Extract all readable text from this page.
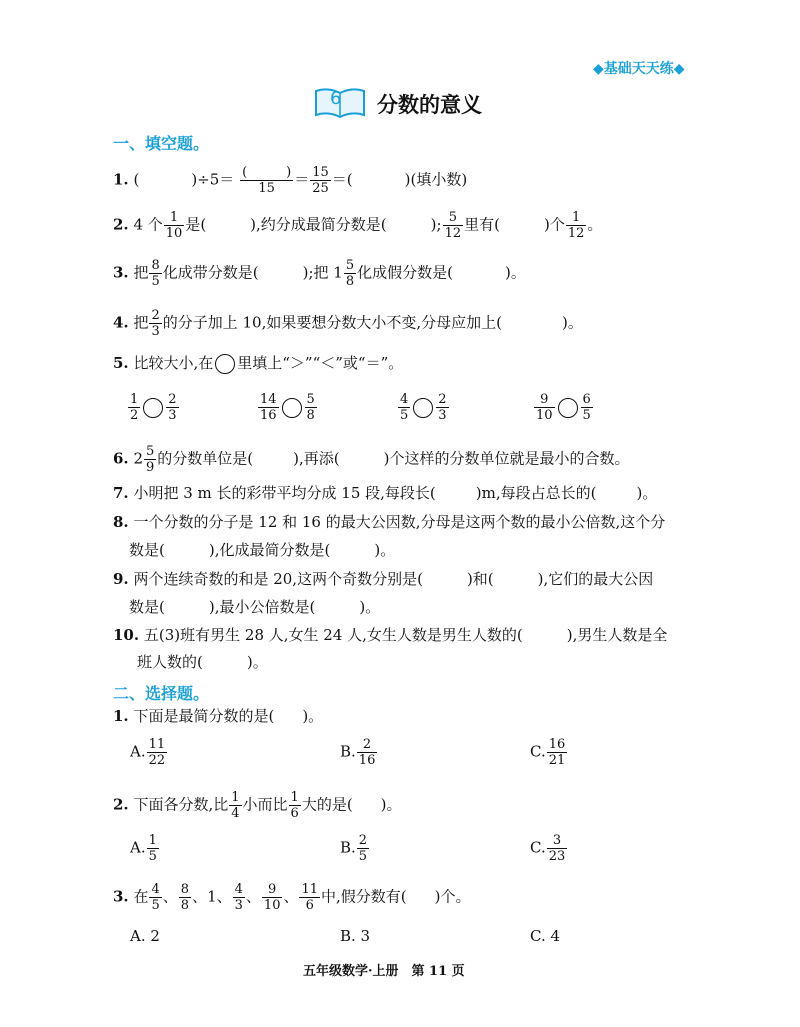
◆基础天天练◆
6 分数的意义
一、填空题。
1. (	)÷5＝ (　　　)
15	＝ $\frac{15}{25}$ ＝(	)(填小数)
2. 4 个 $\frac{1}{10}$ 是(	),约分成最简分数是(	); $\frac{5}{12}$ 里有(	)个 $\frac{1}{12}$ 。
3. 把 $\frac{8}{5}$ 化成带分数是(	);把 $1 \frac{5}{8}$ 化成假分数是(	)。
4. 把 $\frac{2}{3}$ 的分子加上 10,如果要想分数大小不变,分母应加上(	)。
5. 比较大小,在 里填上“＞”“＜”或“＝”。
$\frac{1}{2} \frac{2}{3}$	$\frac{14}{16} \frac{5}{8}$	$\frac{4}{5} \frac{2}{3}$	$\frac{9}{10} \frac{6}{5}$
6. $2 \frac{5}{9}$ 的分数单位是(	),再添(	)个这样的分数单位就是最小的合数。
7. 小明把 3 m 长的彩带平均分成 15 段,每段长(	)m,每段占总长的(	)。
8. 一个分数的分子是 12 和 16 的最大公因数,分母是这两个数的最小公倍数,这个分
数是(	),化成最简分数是(	)。
9. 两个连续奇数的和是 20,这两个奇数分别是(	)和(	),它们的最大公因
数是(	),最小公倍数是(	)。
10. 五(3)班有男生 28 人,女生 24 人,女生人数是男生人数的(	),男生人数是全
班人数的(	)。
二、选择题。
1. 下面是最简分数的是( )。
A. $\frac{11}{22}$	B. $\frac{2}{16}$	C. $\frac{16}{21}$
2. 下面各分数,比 $\frac{1}{4}$ 小而比 $\frac{1}{6}$ 大的是( )。
A. $\frac{1}{5}$	B. $\frac{2}{5}$	C. $\frac{3}{23}$
3. 在 $\frac{4}{5}$ 、 $\frac{8}{8}$ 、1、 $\frac{4}{3}$ 、 $\frac{9}{10}$ 、 $\frac{11}{6}$ 中,假分数有( )个。
A. 2	B. 3	C. 4
五年级数学·上册　第 11 页
